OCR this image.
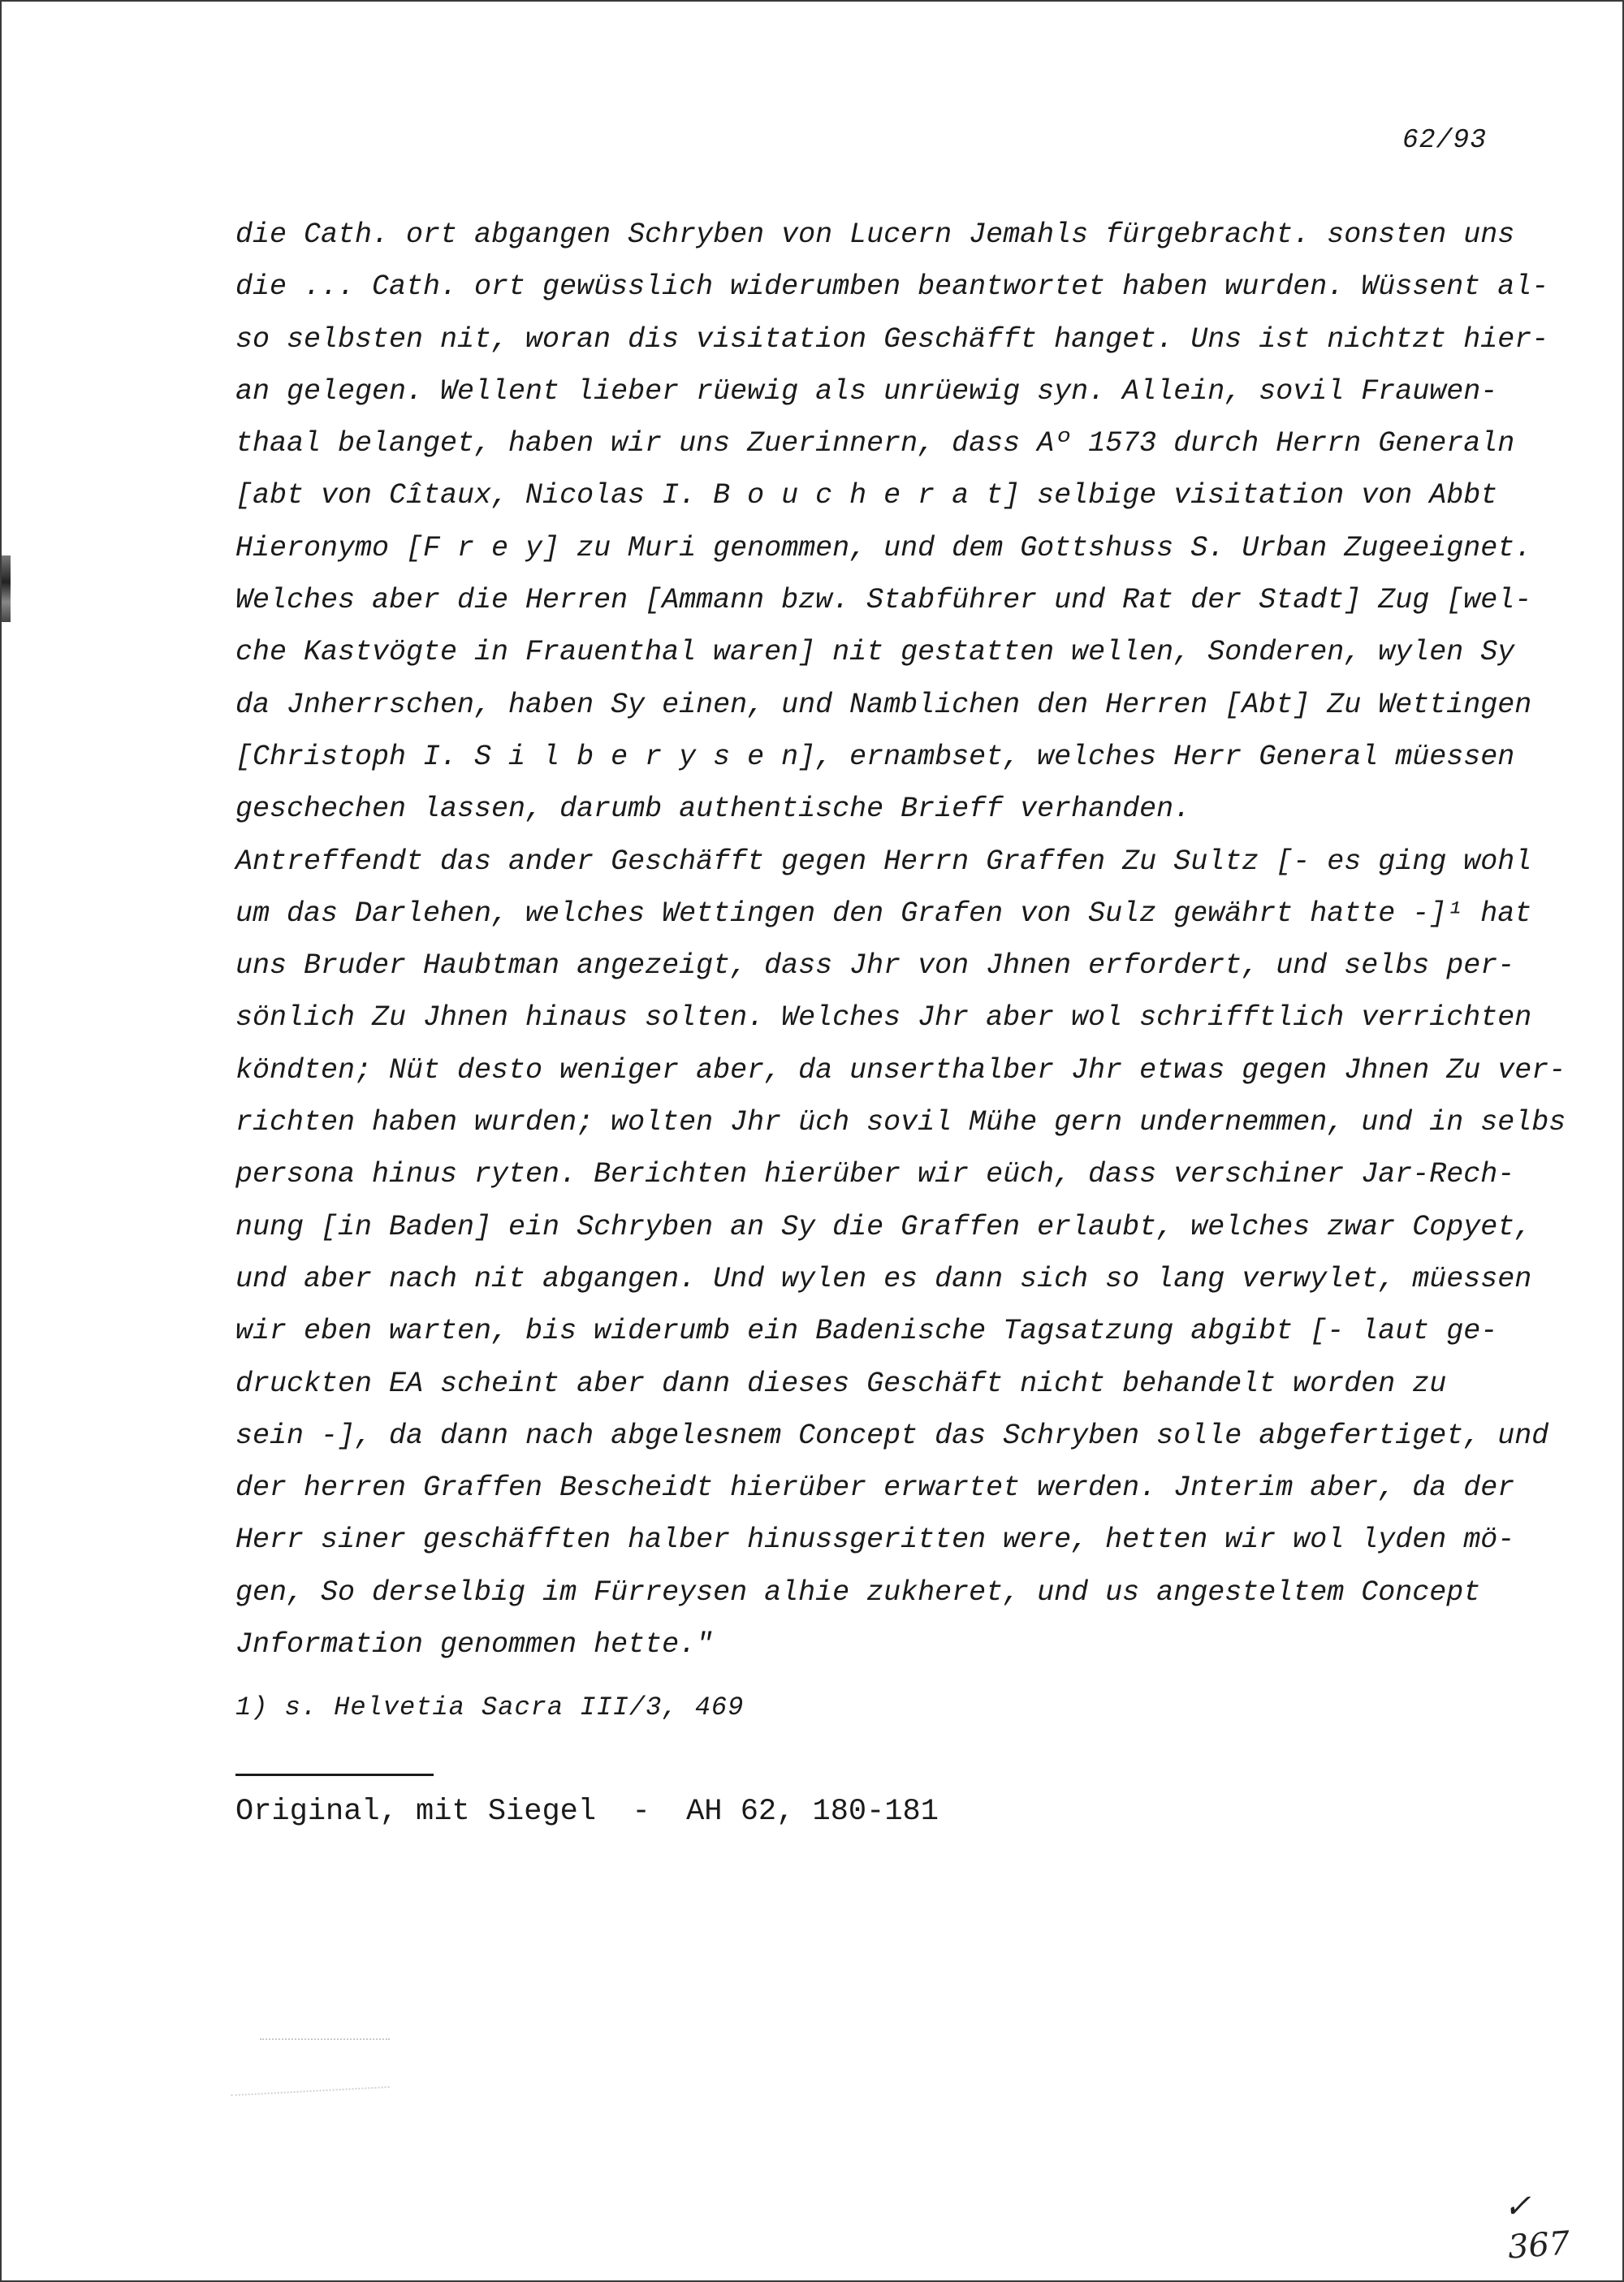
62/93
die Cath. ort abgangen Schryben von Lucern Jemahls fürgebracht. sonsten uns
die ... Cath. ort gewüsslich widerumben beantwortet haben wurden. Wüssent al-
so selbsten nit, woran dis visitation Geschäfft hanget. Uns ist nichtzt hier-
an gelegen. Wellent lieber rüewig als unrüewig syn. Allein, sovil Frauwen-
thaal belanget, haben wir uns Zuerinnern, dass Aº 1573 durch Herrn Generaln
[abt von Cîtaux, Nicolas I. B o u c h e r a t] selbige visitation von Abbt
Hieronymo [F r e y] zu Muri genommen, und dem Gottshuss S. Urban Zugeeignet.
Welches aber die Herren [Ammann bzw. Stabführer und Rat der Stadt] Zug [wel-
che Kastvögte in Frauenthal waren] nit gestatten wellen, Sonderen, wylen Sy
da Jnherrschen, haben Sy einen, und Namblichen den Herren [Abt] Zu Wettingen
[Christoph I. S i l b e r y s e n], ernambset, welches Herr General müessen
geschechen lassen, darumb authentische Brieff verhanden.
Antreffendt das ander Geschäfft gegen Herrn Graffen Zu Sultz [- es ging wohl
um das Darlehen, welches Wettingen den Grafen von Sulz gewährt hatte -]¹ hat
uns Bruder Haubtman angezeigt, dass Jhr von Jhnen erfordert, und selbs per-
sönlich Zu Jhnen hinaus solten. Welches Jhr aber wol schrifftlich verrichten
köndten; Nüt desto weniger aber, da unserthalber Jhr etwas gegen Jhnen Zu ver-
richten haben wurden; wolten Jhr üch sovil Mühe gern undernemmen, und in selbs
persona hinus ryten. Berichten hierüber wir eüch, dass verschiner Jar-Rech-
nung [in Baden] ein Schryben an Sy die Graffen erlaubt, welches zwar Copyet,
und aber nach nit abgangen. Und wylen es dann sich so lang verwylet, müessen
wir eben warten, bis widerumb ein Badenische Tagsatzung abgibt [- laut ge-
druckten EA scheint aber dann dieses Geschäft nicht behandelt worden zu
sein -], da dann nach abgelesnem Concept das Schryben solle abgefertiget, und
der herren Graffen Bescheidt hierüber erwartet werden. Jnterim aber, da der
Herr siner geschäfften halber hinussgeritten were, hetten wir wol lyden mö-
gen, So derselbig im Fürreysen alhie zukheret, und us angesteltem Concept
Jnformation genommen hette."
1) s. Helvetia Sacra III/3, 469
Original, mit Siegel  -  AH 62, 180-181
✓
367
